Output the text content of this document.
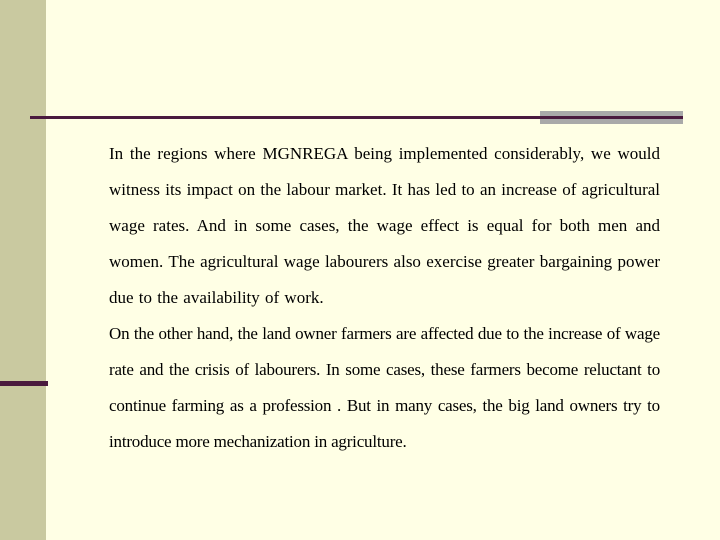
In the regions where MGNREGA being implemented considerably, we would witness its impact on the labour market. It has led to an increase of agricultural wage rates. And in some cases, the wage effect is equal for both men and women. The agricultural wage labourers also exercise greater bargaining power due to the availability of work.

On the other hand, the land owner farmers are affected due to the increase of wage rate and the crisis of labourers. In some cases, these farmers become reluctant to continue farming as a profession . But in many cases, the big land owners try to introduce more mechanization in agriculture.
